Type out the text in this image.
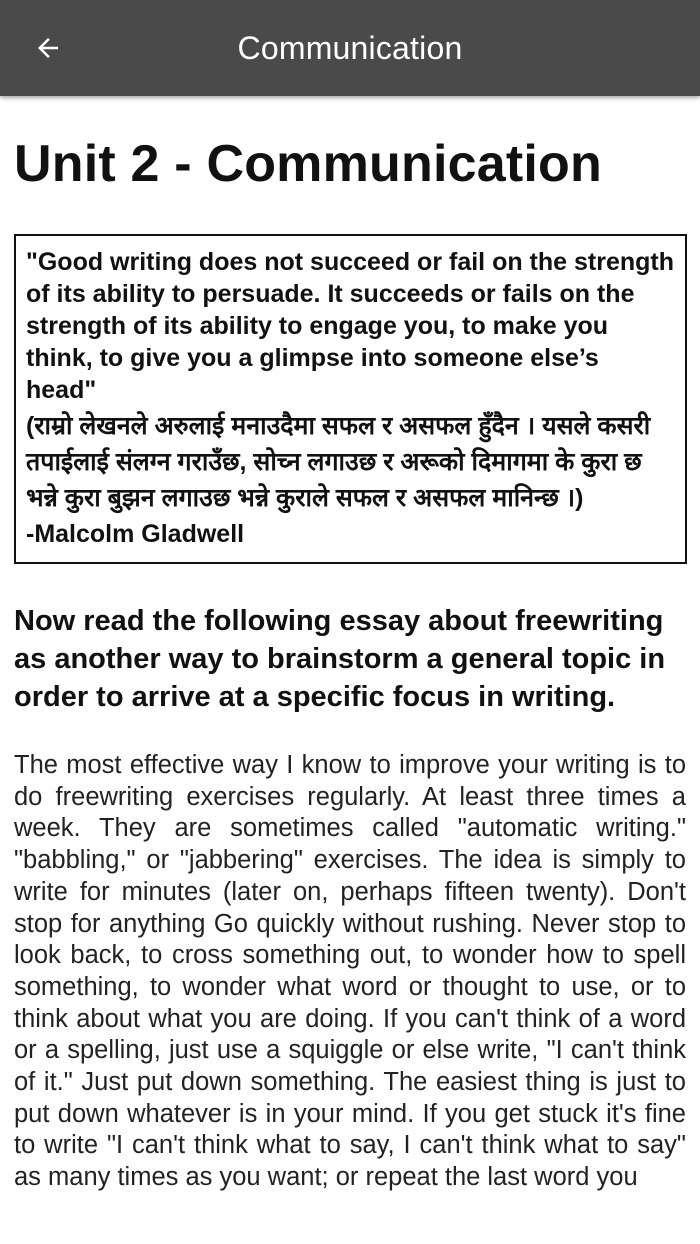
Communication
Unit 2 - Communication
"Good writing does not succeed or fail on the strength of its ability to persuade. It succeeds or fails on the strength of its ability to engage you, to make you think, to give you a glimpse into someone else’s head"
(राम्रो लेखनले अरुलाई मनाउदैमा सफल र असफल हुँदैन । यसले कसरी तपाईलाई संलग्न गराउँछ, सोच्न लगाउछ र अरूको दिमागमा के कुरा छ भन्ने कुरा बुझन लगाउछ भन्ने कुराले सफल र असफल मानिन्छ ।)
-Malcolm Gladwell
Now read the following essay about freewriting as another way to brainstorm a general topic in order to arrive at a specific focus in writing.

The most effective way I know to improve your writing is to do freewriting exercises regularly. At least three times a week. They are sometimes called "automatic writing." "babbling," or "jabbering" exercises. The idea is simply to write for minutes (later on, perhaps fifteen twenty). Don't stop for anything Go quickly without rushing. Never stop to look back, to cross something out, to wonder how to spell something, to wonder what word or thought to use, or to think about what you are doing. If you can't think of a word or a spelling, just use a squiggle or else write, "I can't think of it." Just put down something. The easiest thing is just to put down whatever is in your mind. If you get stuck it's fine to write "I can't think what to say, I can't think what to say" as many times as you want; or repeat the last word you
